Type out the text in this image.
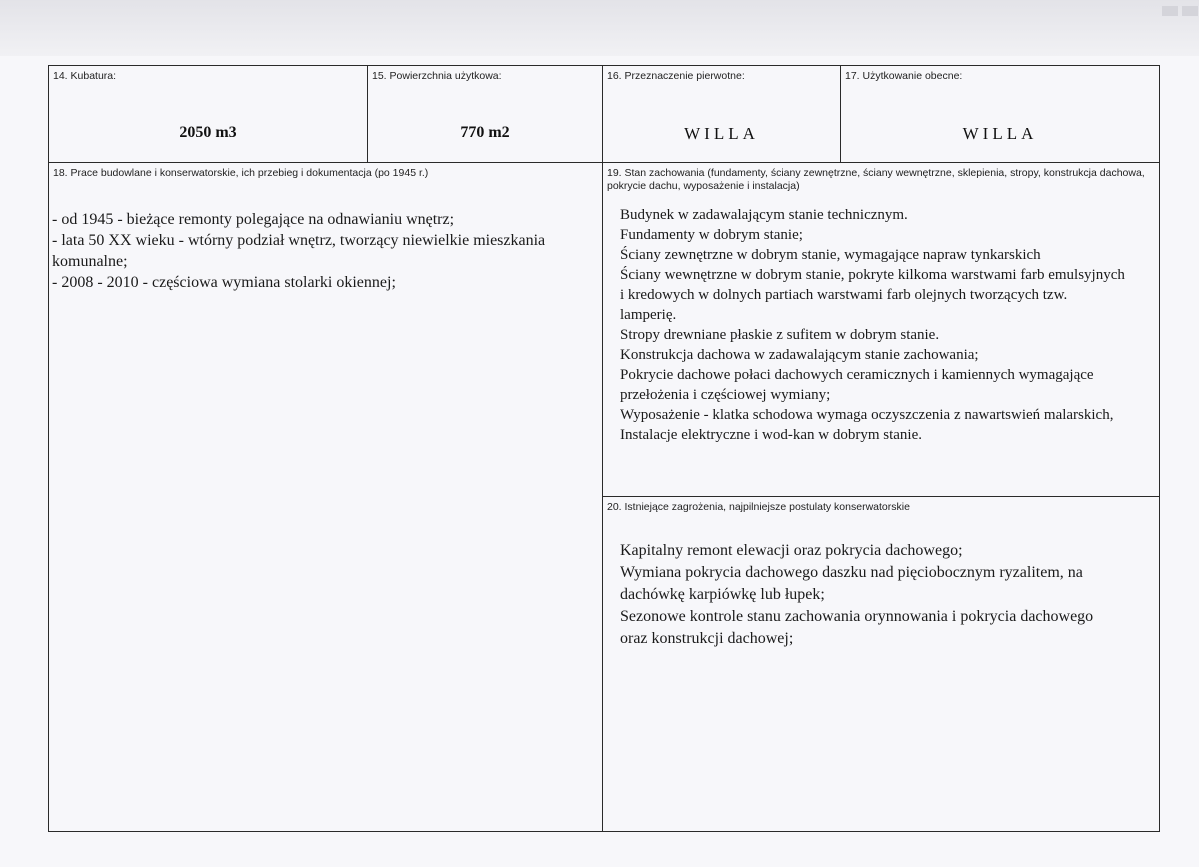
14. Kubatura:
2050 m3
15. Powierzchnia użytkowa:
770 m2
16. Przeznaczenie pierwotne:
WILLA
17. Użytkowanie obecne:
WILLA
18. Prace budowlane i konserwatorskie, ich przebieg i dokumentacja (po 1945 r.)
- od 1945 - bieżące remonty polegające na odnawianiu wnętrz;
- lata 50 XX wieku - wtórny podział wnętrz, tworzący niewielkie mieszkania komunalne;
- 2008 - 2010 - częściowa wymiana stolarki okiennej;
19. Stan zachowania (fundamenty, ściany zewnętrzne, ściany wewnętrzne, sklepienia, stropy, konstrukcja dachowa, pokrycie dachu, wyposażenie i instalacja)
Budynek w zadawalającym stanie technicznym.
Fundamenty w dobrym stanie;
Ściany zewnętrzne w dobrym stanie, wymagające napraw tynkarskich
Ściany wewnętrzne w dobrym stanie, pokryte kilkoma warstwami farb emulsyjnych
i kredowych w dolnych partiach warstwami farb olejnych tworzących tzw.
lamperię.
Stropy drewniane płaskie z sufitem w dobrym stanie.
Konstrukcja dachowa w zadawalającym stanie zachowania;
Pokrycie dachowe połaci dachowych ceramicznych i kamiennych wymagające
przełożenia i częściowej wymiany;
Wyposażenie - klatka schodowa wymaga oczyszczenia z nawartswień malarskich,
Instalacje elektryczne i wod-kan w dobrym stanie.
20. Istniejące zagrożenia, najpilniejsze postulaty konserwatorskie
Kapitalny remont elewacji oraz pokrycia dachowego;
Wymiana pokrycia dachowego daszku nad pięciobocznym ryzalitem, na
dachówkę karpiówkę lub łupek;
Sezonowe kontrole stanu zachowania orynnowania i pokrycia dachowego
oraz konstrukcji dachowej;
